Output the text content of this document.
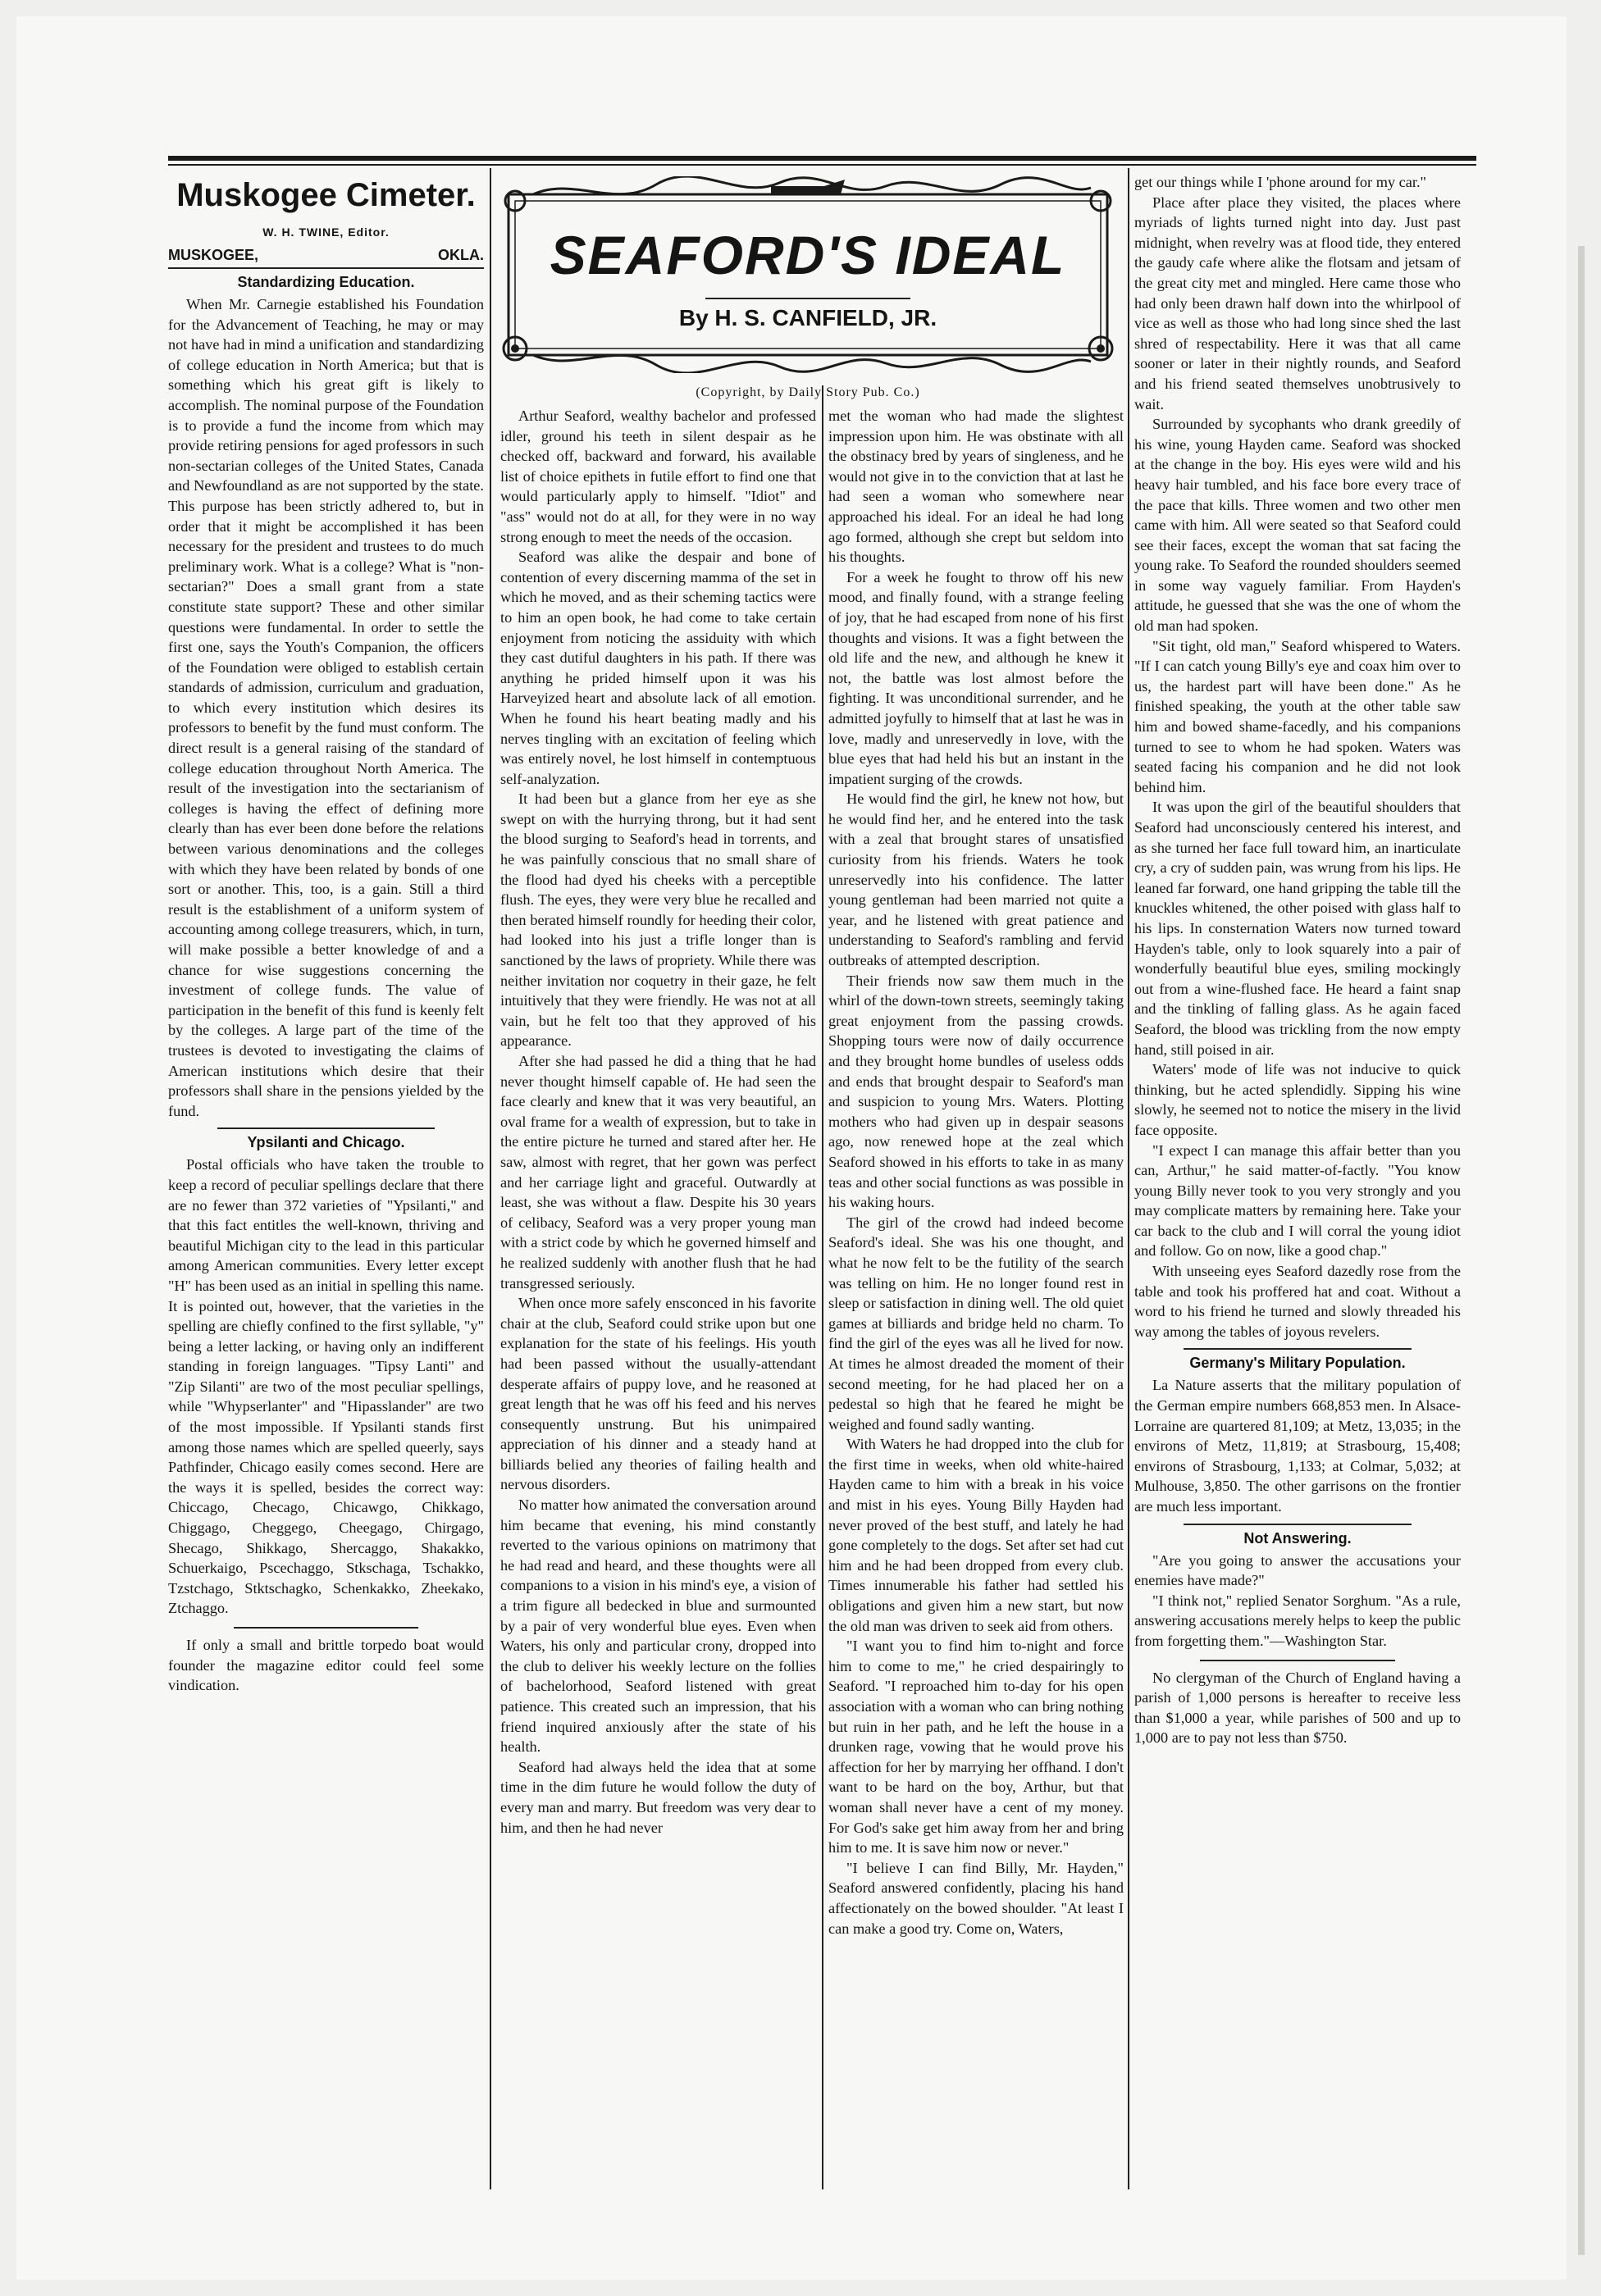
Muskogee Cimeter.
W. H. TWINE, Editor.
MUSKOGEE,	OKLA.
Standardizing Education.

When Mr. Carnegie established his Foundation for the Advancement of Teaching, he may or may not have had in mind a unification and standardizing of college education in North America; but that is something which his great gift is likely to accomplish. The nominal purpose of the Foundation is to provide a fund the income from which may provide retiring pensions for aged professors in such non-sectarian colleges of the United States, Canada and Newfoundland as are not supported by the state. This purpose has been strictly adhered to, but in order that it might be accomplished it has been necessary for the president and trustees to do much preliminary work. What is a college? What is "non-sectarian?" Does a small grant from a state constitute state support? These and other similar questions were fundamental. In order to settle the first one, says the Youth's Companion, the officers of the Foundation were obliged to establish certain standards of admission, curriculum and graduation, to which every institution which desires its professors to benefit by the fund must conform. The direct result is a general raising of the standard of college education throughout North America. The result of the investigation into the sectarianism of colleges is having the effect of defining more clearly than has ever been done before the relations between various denominations and the colleges with which they have been related by bonds of one sort or another. This, too, is a gain. Still a third result is the establishment of a uniform system of accounting among college treasurers, which, in turn, will make possible a better knowledge of and a chance for wise suggestions concerning the investment of college funds. The value of participation in the benefit of this fund is keenly felt by the colleges. A large part of the time of the trustees is devoted to investigating the claims of American institutions which desire that their professors shall share in the pensions yielded by the fund.

Ypsilanti and Chicago.

Postal officials who have taken the trouble to keep a record of peculiar spellings declare that there are no fewer than 372 varieties of "Ypsilanti," and that this fact entitles the well-known, thriving and beautiful Michigan city to the lead in this particular among American communities. Every letter except "H" has been used as an initial in spelling this name. It is pointed out, however, that the varieties in the spelling are chiefly confined to the first syllable, "y" being a letter lacking, or having only an indifferent standing in foreign languages. "Tipsy Lanti" and "Zip Silanti" are two of the most peculiar spellings, while "Whypserlanter" and "Hipasslander" are two of the most impossible. If Ypsilanti stands first among those names which are spelled queerly, says Pathfinder, Chicago easily comes second. Here are the ways it is spelled, besides the correct way: Chiccago, Checago, Chicawgo, Chikkago, Chiggago, Cheggego, Cheegago, Chirgago, Shecago, Shikkago, Shercaggo, Shakakko, Schuerkaigo, Pscechaggo, Stkschaga, Tschakko, Tzstchago, Stktschagko, Schenkakko, Zheekako, Ztchaggo.

If only a small and brittle torpedo boat would founder the magazine editor could feel some vindication.

SEAFORD'S IDEAL
By H. S. CANFIELD, JR.
(Copyright, by Daily Story Pub. Co.)

Arthur Seaford, wealthy bachelor and professed idler, ground his teeth in silent despair as he checked off, backward and forward, his available list of choice epithets in futile effort to find one that would particularly apply to himself. "Idiot" and "ass" would not do at all, for they were in no way strong enough to meet the needs of the occasion.

Seaford was alike the despair and bone of contention of every discerning mamma of the set in which he moved, and as their scheming tactics were to him an open book, he had come to take certain enjoyment from noticing the assiduity with which they cast dutiful daughters in his path. If there was anything he prided himself upon it was his Harveyized heart and absolute lack of all emotion. When he found his heart beating madly and his nerves tingling with an excitation of feeling which was entirely novel, he lost himself in contemptuous self-analyzation.

It had been but a glance from her eye as she swept on with the hurrying throng, but it had sent the blood surging to Seaford's head in torrents, and he was painfully conscious that no small share of the flood had dyed his cheeks with a perceptible flush. The eyes, they were very blue he recalled and then berated himself roundly for heeding their color, had looked into his just a trifle longer than is sanctioned by the laws of propriety. While there was neither invitation nor coquetry in their gaze, he felt intuitively that they were friendly. He was not at all vain, but he felt too that they approved of his appearance.

After she had passed he did a thing that he had never thought himself capable of. He had seen the face clearly and knew that it was very beautiful, an oval frame for a wealth of expression, but to take in the entire picture he turned and stared after her. He saw, almost with regret, that her gown was perfect and her carriage light and graceful. Outwardly at least, she was without a flaw. Despite his 30 years of celibacy, Seaford was a very proper young man with a strict code by which he governed himself and he realized suddenly with another flush that he had transgressed seriously.

When once more safely ensconced in his favorite chair at the club, Seaford could strike upon but one explanation for the state of his feelings. His youth had been passed without the usually-attendant desperate affairs of puppy love, and he reasoned at great length that he was off his feed and his nerves consequently unstrung. But his unimpaired appreciation of his dinner and a steady hand at billiards belied any theories of failing health and nervous disorders.

No matter how animated the conversation around him became that evening, his mind constantly reverted to the various opinions on matrimony that he had read and heard, and these thoughts were all companions to a vision in his mind's eye, a vision of a trim figure all bedecked in blue and surmounted by a pair of very wonderful blue eyes. Even when Waters, his only and particular crony, dropped into the club to deliver his weekly lecture on the follies of bachelorhood, Seaford listened with great patience. This created such an impression, that his friend inquired anxiously after the state of his health.

Seaford had always held the idea that at some time in the dim future he would follow the duty of every man and marry. But freedom was very dear to him, and then he had never

met the woman who had made the slightest impression upon him. He was obstinate with all the obstinacy bred by years of singleness, and he would not give in to the conviction that at last he had seen a woman who somewhere near approached his ideal. For an ideal he had long ago formed, although she crept but seldom into his thoughts.

For a week he fought to throw off his new mood, and finally found, with a strange feeling of joy, that he had escaped from none of his first thoughts and visions. It was a fight between the old life and the new, and although he knew it not, the battle was lost almost before the fighting. It was unconditional surrender, and he admitted joyfully to himself that at last he was in love, madly and unreservedly in love, with the blue eyes that had held his but an instant in the impatient surging of the crowds.

He would find the girl, he knew not how, but he would find her, and he entered into the task with a zeal that brought stares of unsatisfied curiosity from his friends. Waters he took unreservedly into his confidence. The latter young gentleman had been married not quite a year, and he listened with great patience and understanding to Seaford's rambling and fervid outbreaks of attempted description.

Their friends now saw them much in the whirl of the down-town streets, seemingly taking great enjoyment from the passing crowds. Shopping tours were now of daily occurrence and they brought home bundles of useless odds and ends that brought despair to Seaford's man and suspicion to young Mrs. Waters. Plotting mothers who had given up in despair seasons ago, now renewed hope at the zeal which Seaford showed in his efforts to take in as many teas and other social functions as was possible in his waking hours.

The girl of the crowd had indeed become Seaford's ideal. She was his one thought, and what he now felt to be the futility of the search was telling on him. He no longer found rest in sleep or satisfaction in dining well. The old quiet games at billiards and bridge held no charm. To find the girl of the eyes was all he lived for now. At times he almost dreaded the moment of their second meeting, for he had placed her on a pedestal so high that he feared he might be weighed and found sadly wanting.

With Waters he had dropped into the club for the first time in weeks, when old white-haired Hayden came to him with a break in his voice and mist in his eyes. Young Billy Hayden had never proved of the best stuff, and lately he had gone completely to the dogs. Set after set had cut him and he had been dropped from every club. Times innumerable his father had settled his obligations and given him a new start, but now the old man was driven to seek aid from others.

"I want you to find him to-night and force him to come to me," he cried despairingly to Seaford. "I reproached him to-day for his open association with a woman who can bring nothing but ruin in her path, and he left the house in a drunken rage, vowing that he would prove his affection for her by marrying her offhand. I don't want to be hard on the boy, Arthur, but that woman shall never have a cent of my money. For God's sake get him away from her and bring him to me. It is save him now or never."

"I believe I can find Billy, Mr. Hayden," Seaford answered confidently, placing his hand affectionately on the bowed shoulder. "At least I can make a good try. Come on, Waters,

get our things while I 'phone around for my car."

Place after place they visited, the places where myriads of lights turned night into day. Just past midnight, when revelry was at flood tide, they entered the gaudy cafe where alike the flotsam and jetsam of the great city met and mingled. Here came those who had only been drawn half down into the whirlpool of vice as well as those who had long since shed the last shred of respectability. Here it was that all came sooner or later in their nightly rounds, and Seaford and his friend seated themselves unobtrusively to wait.

Surrounded by sycophants who drank greedily of his wine, young Hayden came. Seaford was shocked at the change in the boy. His eyes were wild and his heavy hair tumbled, and his face bore every trace of the pace that kills. Three women and two other men came with him. All were seated so that Seaford could see their faces, except the woman that sat facing the young rake. To Seaford the rounded shoulders seemed in some way vaguely familiar. From Hayden's attitude, he guessed that she was the one of whom the old man had spoken.

"Sit tight, old man," Seaford whispered to Waters. "If I can catch young Billy's eye and coax him over to us, the hardest part will have been done." As he finished speaking, the youth at the other table saw him and bowed shame-facedly, and his companions turned to see to whom he had spoken. Waters was seated facing his companion and he did not look behind him.

It was upon the girl of the beautiful shoulders that Seaford had unconsciously centered his interest, and as she turned her face full toward him, an inarticulate cry, a cry of sudden pain, was wrung from his lips. He leaned far forward, one hand gripping the table till the knuckles whitened, the other poised with glass half to his lips. In consternation Waters now turned toward Hayden's table, only to look squarely into a pair of wonderfully beautiful blue eyes, smiling mockingly out from a wine-flushed face. He heard a faint snap and the tinkling of falling glass. As he again faced Seaford, the blood was trickling from the now empty hand, still poised in air.

Waters' mode of life was not inducive to quick thinking, but he acted splendidly. Sipping his wine slowly, he seemed not to notice the misery in the livid face opposite.

"I expect I can manage this affair better than you can, Arthur," he said matter-of-factly. "You know young Billy never took to you very strongly and you may complicate matters by remaining here. Take your car back to the club and I will corral the young idiot and follow. Go on now, like a good chap."

With unseeing eyes Seaford dazedly rose from the table and took his proffered hat and coat. Without a word to his friend he turned and slowly threaded his way among the tables of joyous revelers.

Germany's Military Population.

La Nature asserts that the military population of the German empire numbers 668,853 men. In Alsace-Lorraine are quartered 81,109; at Metz, 13,035; in the environs of Metz, 11,819; at Strasbourg, 15,408; environs of Strasbourg, 1,133; at Colmar, 5,032; at Mulhouse, 3,850. The other garrisons on the frontier are much less important.

Not Answering.

"Are you going to answer the accusations your enemies have made?"

"I think not," replied Senator Sorghum. "As a rule, answering accusations merely helps to keep the public from forgetting them."—Washington Star.

No clergyman of the Church of England having a parish of 1,000 persons is hereafter to receive less than $1,000 a year, while parishes of 500 and up to 1,000 are to pay not less than $750.
